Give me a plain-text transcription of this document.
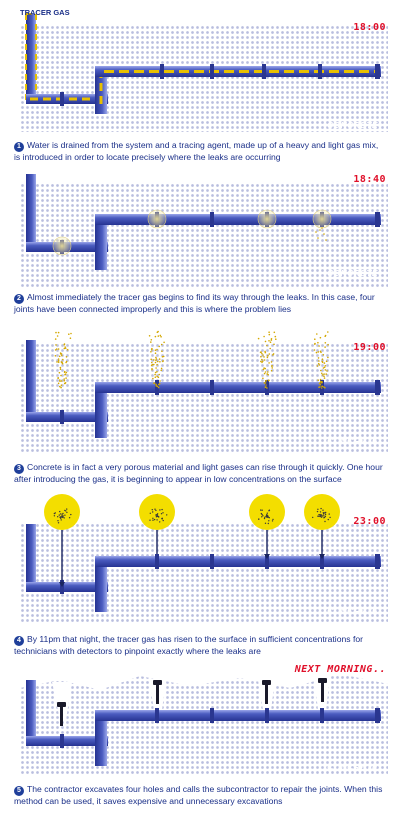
TRACER GAS
18:00
CONCRETE
1 Water is drained from the system and a tracing agent, made up of a heavy and light gas mix, is introduced in order to locate precisely where the leaks are occurring
18:40
CONCRETE
2 Almost immediately the tracer gas begins to find its way through the leaks. In this case, four joints have been connected improperly and this is where the problem lies
19:00
CONCRETE
3 Concrete is in fact a very porous material and light gases can rise through it quickly. One hour after introducing the gas, it is beginning to appear in low concentrations on the surface
23:00
CONCRETE
4 By 11pm that night, the tracer gas has risen to the surface in sufficient concentrations for technicians with detectors to pinpoint exactly where the leaks are
NEXT MORNING..
CONCRETE
5 The contractor excavates four holes and calls the subcontractor to repair the joints. When this method can be used, it saves expensive and unnecessary excavations
